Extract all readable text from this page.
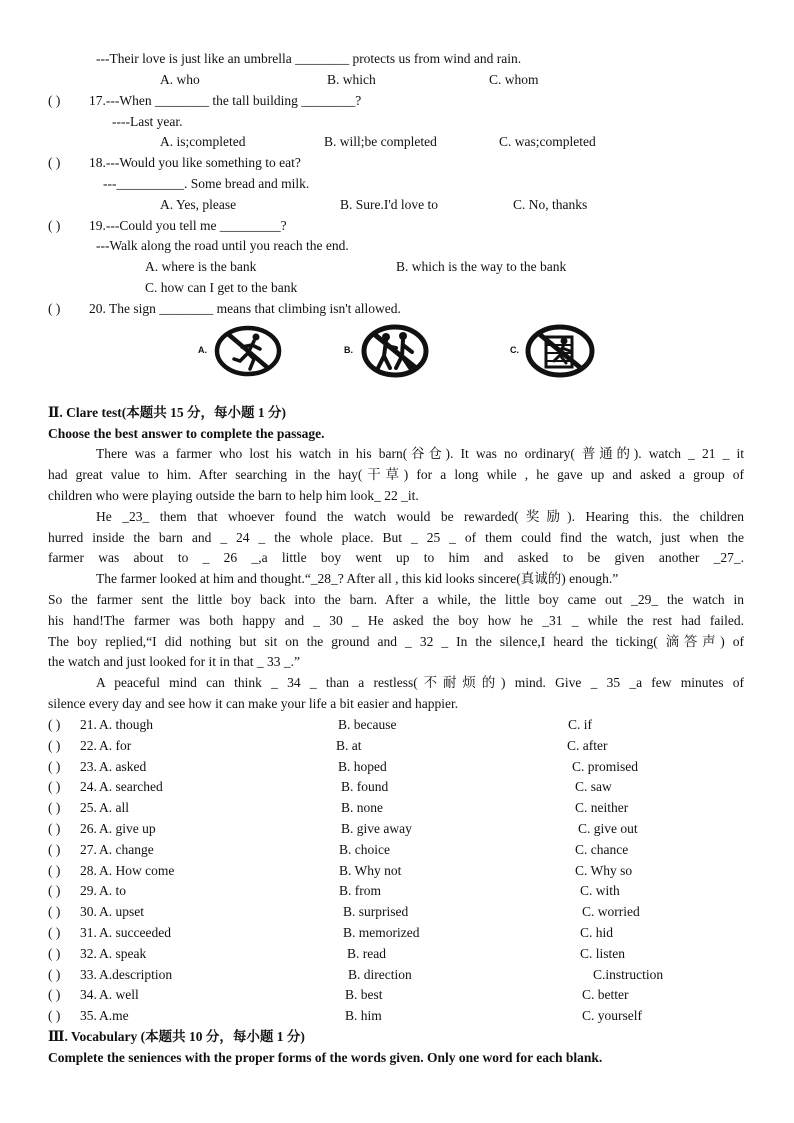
---Their love is just like an umbrella ________ protects us from wind and rain.
A. who	B. which	C. whom
( ) 17.---When ________ the tall building ________?
----Last year.
A. is;completed	B. will;be completed	C. was;completed
( ) 18.---Would you like something to eat?
---__________. Some bread and milk.
A. Yes, please	B. Sure.I'd love to	C. No, thanks
( ) 19.---Could you tell me _________?
---Walk along the road until you reach the end.
A. where is the bank	B. which is the way to the bank
C. how can I get to the bank
( ) 20. The sign ________ means that climbing isn't allowed.
A.	B.	C.
Ⅱ. Clare test(本题共 15 分，每小题 1 分)
Choose the best answer to complete the passage.
There was a farmer who lost his watch in his barn(谷仓). It was no ordinary( 普通的). watch _ 21 _ it
had great value to him. After searching in the hay(干草) for a long while , he gave up and asked a group of
children who were playing outside the barn to help him look_ 22 _it.
He _23_ them that whoever found the watch would be rewarded(奖励). Hearing this. the children
hurred inside the barn and _ 24 _ the whole place. But _ 25 _ of them could find the watch, just when the
farmer was about to _ 26 _,a little boy went up to him and asked to be given another _27_.
The farmer looked at him and thought.“_28_? After all , this kid looks sincere(真诚的) enough.”
So the farmer sent the little boy back into the barn. After a while, the little boy came out _29_ the watch in
his hand!The farmer was both happy and _ 30 _ He asked the boy how he _31 _ while the rest had failed.
The boy replied,“I did nothing but sit on the ground and _ 32 _ In the silence,I heard the ticking( 滴答声) of
the watch and just looked for it in that _ 33 _.”
A peaceful mind can think _ 34 _ than a restless(不耐烦的) mind. Give _ 35 _a few minutes of
silence every day and see how it can make your life a bit easier and happier.
( ) 21. A. though	B. because	C. if
( ) 22. A. for	B. at	C. after
( ) 23. A. asked	B. hoped	C. promised
( ) 24. A. searched	B. found	C. saw
( ) 25. A. all	B. none	C. neither
( ) 26. A. give up	B. give away	C. give out
( ) 27. A. change	B. choice	C. chance
( ) 28. A. How come	B. Why not	C. Why so
( ) 29. A. to	B. from	C. with
( ) 30. A. upset	B. surprised	C. worried
( ) 31. A. succeeded	B. memorized	C. hid
( ) 32. A. speak	B. read	C. listen
( ) 33. A.description	B. direction	C.instruction
( ) 34. A. well	B. best	C. better
( ) 35. A.me	B. him	C. yourself
Ⅲ. Vocabulary (本题共 10 分，每小题 1 分)
Complete the seniences with the proper forms of the words given. Only one word for each blank.
